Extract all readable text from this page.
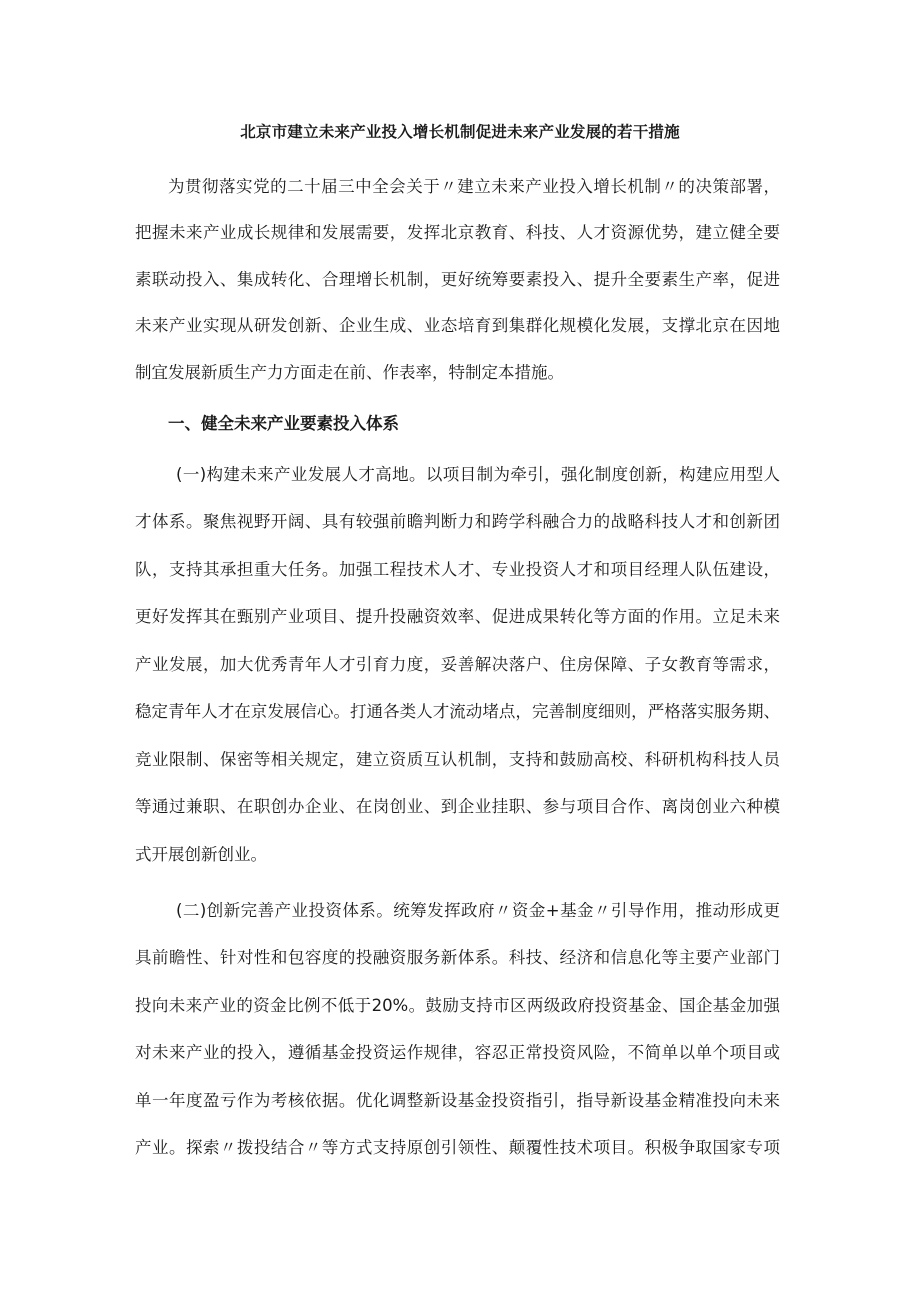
北京市建立未来产业投入增长机制促进未来产业发展的若干措施
为贯彻落实党的二十届三中全会关于〃建立未来产业投入增长机制〃的决策部署，
把握未来产业成长规律和发展需要，发挥北京教育、科技、人才资源优势，建立健全要
素联动投入、集成转化、合理增长机制，更好统筹要素投入、提升全要素生产率，促进
未来产业实现从研发创新、企业生成、业态培育到集群化规模化发展，支撑北京在因地
制宜发展新质生产力方面走在前、作表率，特制定本措施。
一、健全未来产业要素投入体系
(一)构建未来产业发展人才高地。以项目制为牵引，强化制度创新，构建应用型人
才体系。聚焦视野开阔、具有较强前瞻判断力和跨学科融合力的战略科技人才和创新团
队，支持其承担重大任务。加强工程技术人才、专业投资人才和项目经理人队伍建设，
更好发挥其在甄别产业项目、提升投融资效率、促进成果转化等方面的作用。立足未来
产业发展，加大优秀青年人才引育力度，妥善解决落户、住房保障、子女教育等需求，
稳定青年人才在京发展信心。打通各类人才流动堵点，完善制度细则，严格落实服务期、
竞业限制、保密等相关规定，建立资质互认机制，支持和鼓励高校、科研机构科技人员
等通过兼职、在职创办企业、在岗创业、到企业挂职、参与项目合作、离岗创业六种模
式开展创新创业。
(二)创新完善产业投资体系。统筹发挥政府〃资金+基金〃引导作用，推动形成更
具前瞻性、针对性和包容度的投融资服务新体系。科技、经济和信息化等主要产业部门
投向未来产业的资金比例不低于20%。鼓励支持市区两级政府投资基金、国企基金加强
对未来产业的投入，遵循基金投资运作规律，容忍正常投资风险，不简单以单个项目或
单一年度盈亏作为考核依据。优化调整新设基金投资指引，指导新设基金精准投向未来
产业。探索〃拨投结合〃等方式支持原创引领性、颠覆性技术项目。积极争取国家专项
